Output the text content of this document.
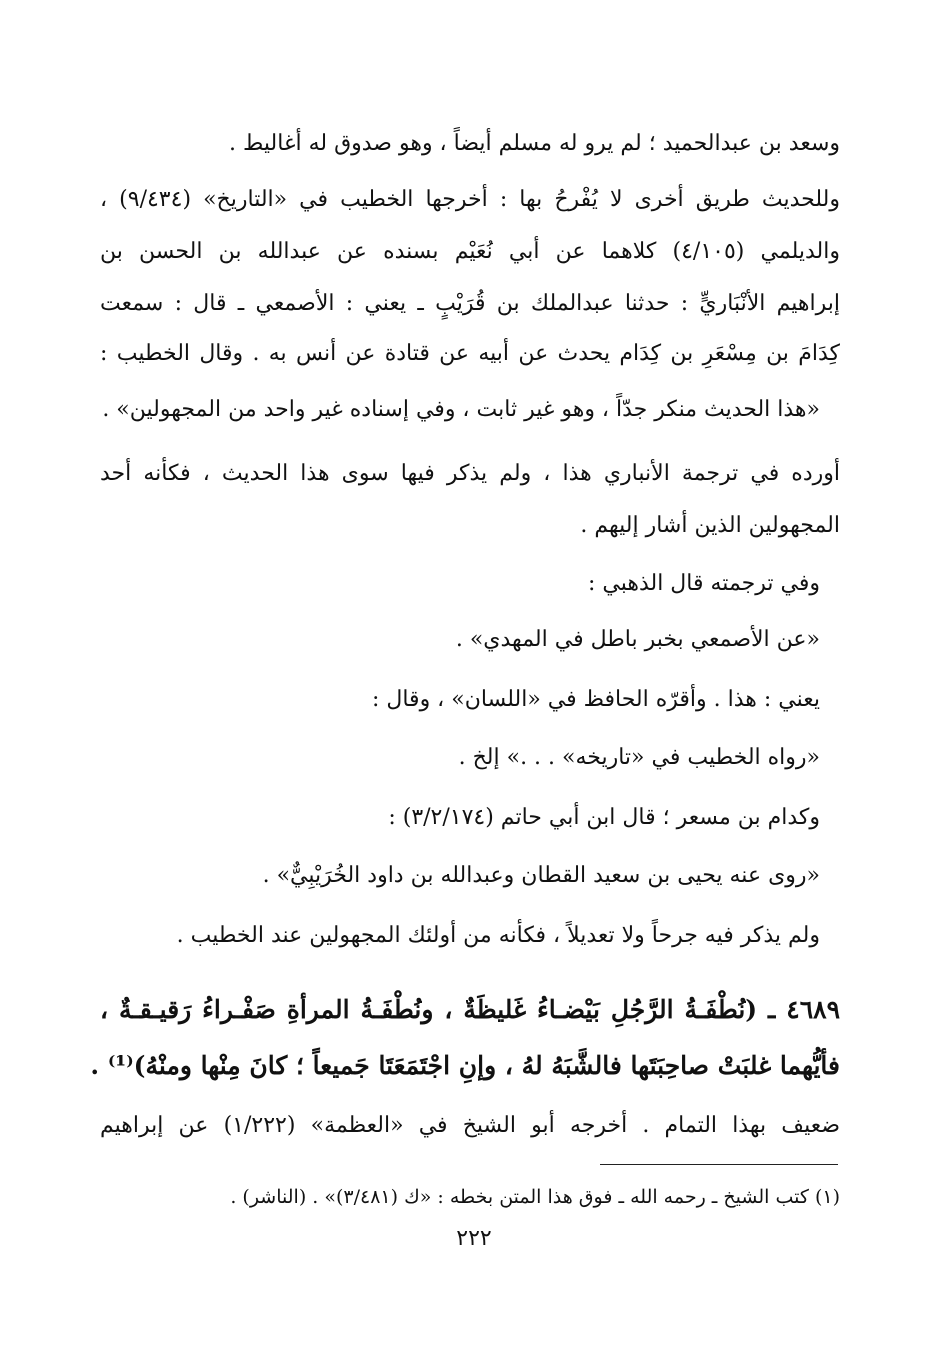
وسعد بن عبدالحميد ؛ لم يرو له مسلم أيضاً ، وهو صدوق له أغاليط .
وللحديث طريق أخرى لا يُفْرحُ بها : أخرجها الخطيب في «التاريخ» (٩/٤٣٤) ،
والديلمي (٤/١٠٥) كلاهما عن أبي نُعَيْم بسنده عن عبدالله بن الحسن بن
إبراهيم الأنْبَاريٍّ : حدثنا عبدالملك بن قُرَيْبٍ ـ يعني : الأصمعي ـ قال : سمعت
كِدَامَ بن مِسْعَرِ بن كِدَام يحدث عن أبيه عن قتادة عن أنس به . وقال الخطيب :
«هذا الحديث منكر جدّاً ، وهو غير ثابت ، وفي إسناده غير واحد من المجهولين» .
أورده في ترجمة الأنباري هذا ، ولم يذكر فيها سوى هذا الحديث ، فكأنه أحد
المجهولين الذين أشار إليهم .
وفي ترجمته قال الذهبي :
«عن الأصمعي بخبر باطل في المهدي» .
يعني : هذا . وأقرّه الحافظ في «اللسان» ، وقال :
«رواه الخطيب في «تاريخه» . . .» إلخ .
وكدام بن مسعر ؛ قال ابن أبي حاتم (٣/٢/١٧٤) :
«روى عنه يحيى بن سعيد القطان وعبدالله بن داود الخُرَيْبِيٌّ» .
ولم يذكر فيه جرحاً ولا تعديلاً ، فكأنه من أولئك المجهولين عند الخطيب .
٤٦٨٩ ـ (نُطْفَـةُ الرَّجُلِ بَيْضـاءُ غَليظَةٌ ، ونُطْفَـةُ المرأةِ صَفْـراءُ رَقيـقـةٌ ،
فأيُّهما غلبَتْ صاحِبَتَها فالشَّبَهُ لهُ ، وإنِ اجْتَمَعَتَا جَميعاً ؛ كانَ مِنْها ومنْهُ)⁽¹⁾ .
ضعيف بهذا التمام . أخرجه أبو الشيخ في «العظمة» (١/٢٢٢) عن إبراهيم
(١) كتب الشيخ ـ رحمه الله ـ فوق هذا المتن بخطه : «ك (٣/٤٨١)» . (الناشر) .
٢٢٢
